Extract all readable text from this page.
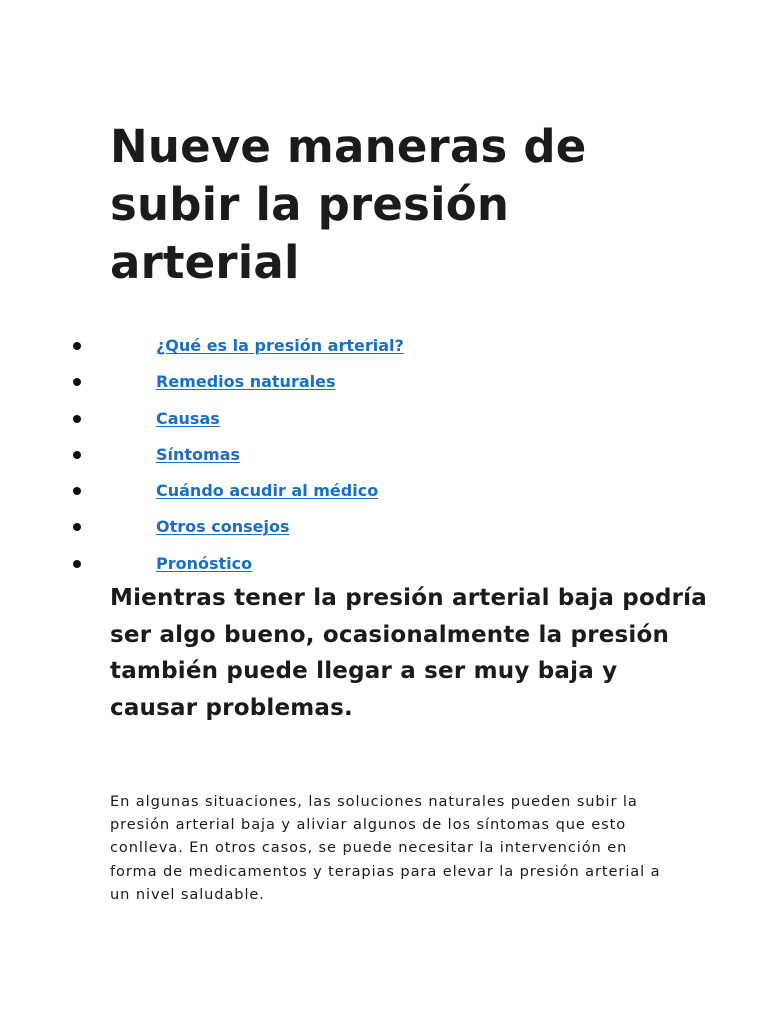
Nueve maneras de subir la presión arterial
¿Qué es la presión arterial?
Remedios naturales
Causas
Síntomas
Cuándo acudir al médico
Otros consejos
Pronóstico

Mientras tener la presión arterial baja podría ser algo bueno, ocasionalmente la presión también puede llegar a ser muy baja y causar problemas.

En algunas situaciones, las soluciones naturales pueden subir la presión arterial baja y aliviar algunos de los síntomas que esto conlleva. En otros casos, se puede necesitar la intervención en forma de medicamentos y terapias para elevar la presión arterial a un nivel saludable.
